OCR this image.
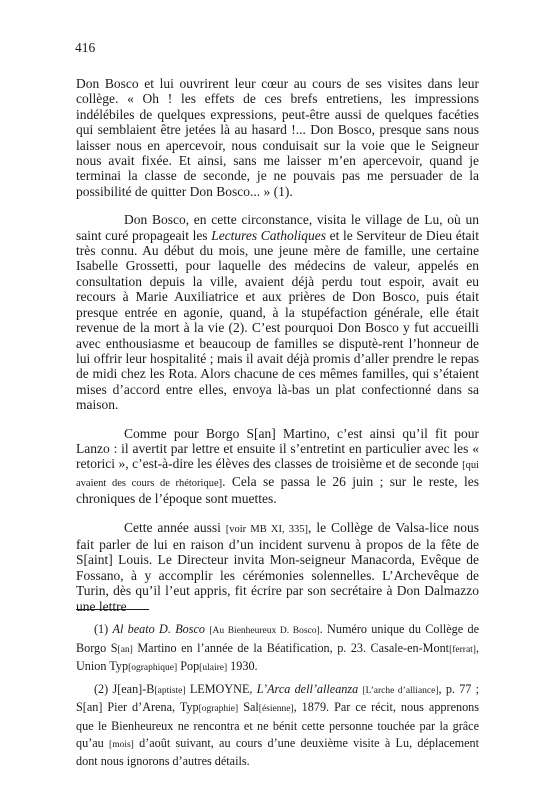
416

Don Bosco et lui ouvrirent leur cœur au cours de ses visites dans leur collège. « Oh ! les effets de ces brefs entretiens, les impressions indélébiles de quelques expressions, peut-être aussi de quelques facéties qui semblaient être jetées là au hasard !... Don Bosco, presque sans nous laisser nous en apercevoir, nous conduisait sur la voie que le Seigneur nous avait fixée. Et ainsi, sans me laisser m’en apercevoir, quand je terminai la classe de seconde, je ne pouvais pas me persuader de la possibilité de quitter Don Bosco... » (1).

Don Bosco, en cette circonstance, visita le village de Lu, où un saint curé propageait les Lectures Catholiques et le Serviteur de Dieu était très connu. Au début du mois, une jeune mère de famille, une certaine Isabelle Grossetti, pour laquelle des médecins de valeur, appelés en consultation depuis la ville, avaient déjà perdu tout espoir, avait eu recours à Marie Auxiliatrice et aux prières de Don Bosco, puis était presque entrée en agonie, quand, à la stupéfaction générale, elle était revenue de la mort à la vie (2). C’est pourquoi Don Bosco y fut accueilli avec enthousiasme et beaucoup de familles se disputè-rent l’honneur de lui offrir leur hospitalité ; mais il avait déjà promis d’aller prendre le repas de midi chez les Rota. Alors chacune de ces mêmes familles, qui s’étaient mises d’accord entre elles, envoya là-bas un plat confectionné dans sa maison.

Comme pour Borgo S[an] Martino, c’est ainsi qu’il fit pour Lanzo : il avertit par lettre et ensuite il s’entretint en particulier avec les « retorici », c’est-à-dire les élèves des classes de troisième et de seconde [qui avaient des cours de rhétorique]. Cela se passa le 26 juin ; sur le reste, les chroniques de l’époque sont muettes.

Cette année aussi [voir MB XI, 335], le Collège de Valsa-lice nous fait parler de lui en raison d’un incident survenu à propos de la fête de S[aint] Louis. Le Directeur invita Mon-seigneur Manacorda, Evêque de Fossano, à y accomplir les cérémonies solennelles. L’Archevêque de Turin, dès qu’il l’eut appris, fit écrire par son secrétaire à Don Dalmazzo une lettre

(1) Al beato D. Bosco [Au Bienheureux D. Bosco]. Numéro unique du Collège de Borgo S[an] Martino en l’année de la Béatification, p. 23. Casale-en-Mont[ferrat], Union Typ[ographique] Pop[ulaire] 1930.

(2) J[ean]-B[aptiste] LEMOYNE, L’Arca dell’alleanza [L’arche d’alliance], p. 77 ; S[an] Pier d’Arena, Typ[ographie] Sal[ésienne], 1879. Par ce récit, nous apprenons que le Bienheureux ne rencontra et ne bénit cette personne touchée par la grâce qu’au [mois] d’août suivant, au cours d’une deuxième visite à Lu, déplacement dont nous ignorons d’autres détails.
